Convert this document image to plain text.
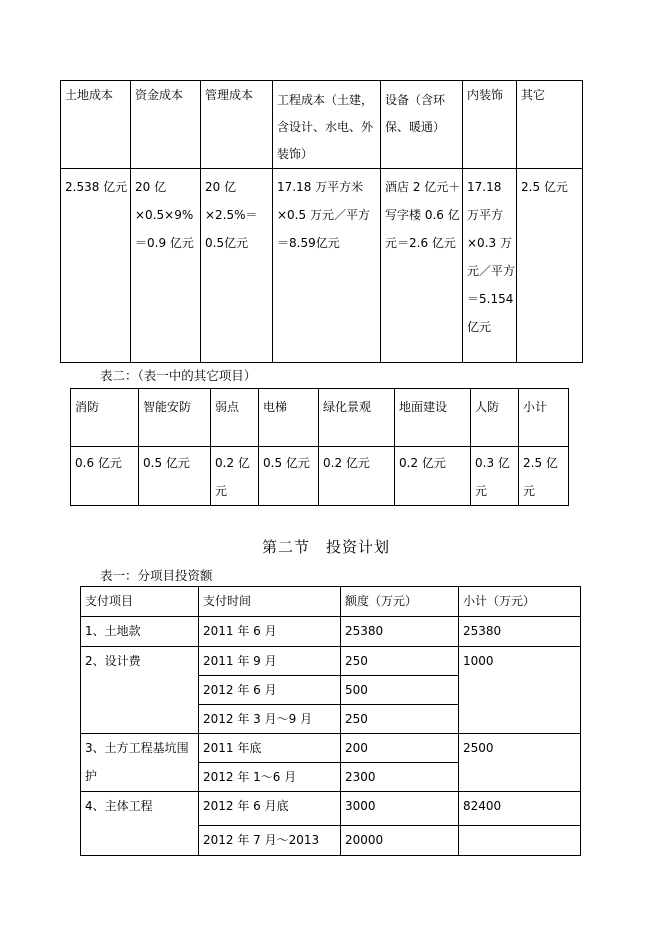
土地成本	资金成本	管理成本	工程成本（土建，含设计、水电、外装饰）	设备（含环保、暖通）	内装饰	其它
2.538 亿元	20 亿×0.5×9%＝0.9 亿元	20 亿×2.5%＝0.5亿元	17.18 万平方米×0.5 万元／平方＝8.59亿元	酒店 2 亿元＋写字楼 0.6 亿元＝2.6 亿元	17.18 万平方×0.3 万元／平方＝5.154亿元	2.5 亿元
表二：（表一中的其它项目）
消防	智能安防	弱点	电梯	绿化景观	地面建设	人防	小计
0.6 亿元	0.5 亿元	0.2 亿元	0.5 亿元	0.2 亿元	0.2 亿元	0.3 亿元	2.5 亿元
第二节　投资计划
表一：分项目投资额
支付项目	支付时间	额度（万元）	小计（万元）
1、土地款	2011 年 6 月	25380	25380
2、设计费	2011 年 9 月	250	1000
	2012 年 6 月	500	
	2012 年 3 月～9 月	250	
3、土方工程基坑围护	2011 年底	200	2500
	2012 年 1～6 月	2300	
4、主体工程	2012 年 6 月底	3000	82400
	2012 年 7 月～2013	20000	
